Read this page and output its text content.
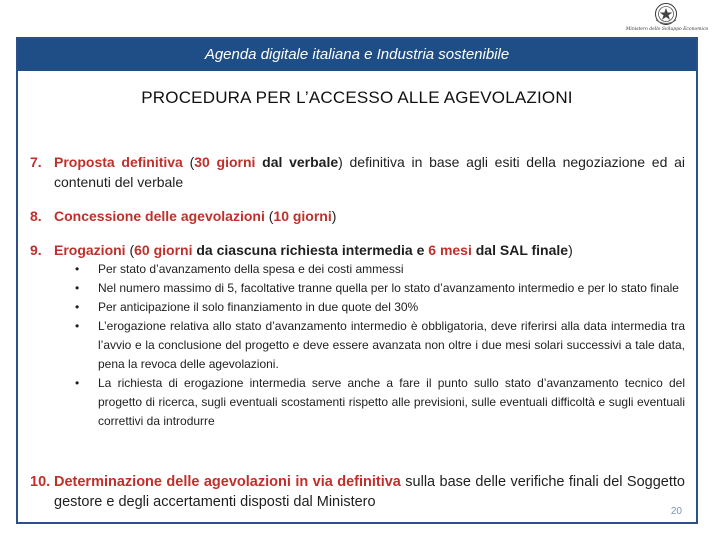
Ministero dello Sviluppo Economico
Agenda digitale italiana e Industria sostenibile
PROCEDURA PER L’ACCESSO ALLE AGEVOLAZIONI
7. Proposta definitiva (30 giorni dal verbale) definitiva in base agli esiti della negoziazione ed ai contenuti del verbale
8. Concessione delle agevolazioni (10 giorni)
9. Erogazioni (60 giorni da ciascuna richiesta intermedia e 6 mesi dal SAL finale)
• Per stato d’avanzamento della spesa e dei costi ammessi
• Nel numero massimo di 5, facoltative tranne quella per lo stato d’avanzamento intermedio e per lo stato finale
• Per anticipazione il solo finanziamento in due quote del 30%
• L’erogazione relativa allo stato d’avanzamento intermedio è obbligatoria, deve riferirsi alla data intermedia tra l’avvio e la conclusione del progetto e deve essere avanzata non oltre i due mesi solari successivi a tale data, pena la revoca delle agevolazioni.
• La richiesta di erogazione intermedia serve anche a fare il punto sullo stato d’avanzamento tecnico del progetto di ricerca, sugli eventuali scostamenti rispetto alle previsioni, sulle eventuali difficoltà e sugli eventuali correttivi da introdurre
10. Determinazione delle agevolazioni in via definitiva sulla base delle verifiche finali del Soggetto gestore e degli accertamenti disposti dal Ministero
20
